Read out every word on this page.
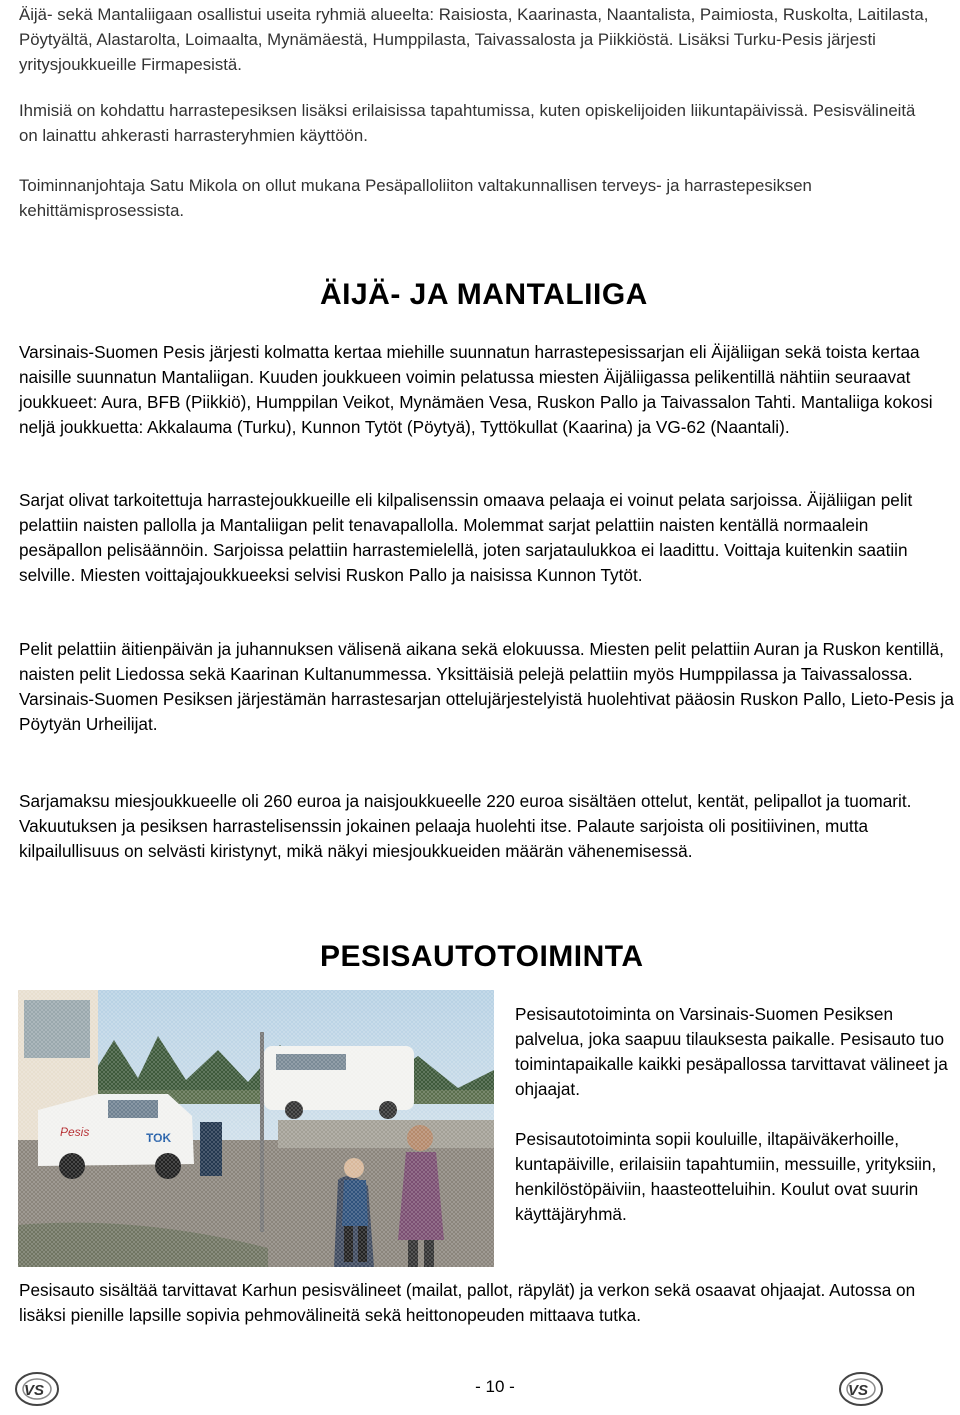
Äijä- sekä Mantaliigaan osallistui useita ryhmiä alueelta: Raisiosta, Kaarinasta, Naantalista, Paimiosta, Ruskolta, Laitilasta, Pöytyältä, Alastarolta, Loimaalta, Mynämäestä, Humppilasta, Taivassalosta ja Piikkiöstä. Lisäksi Turku-Pesis järjesti yritysjoukkueille Firmapesistä.

Ihmisiä on kohdattu harrastepesiksen lisäksi erilaisissa tapahtumissa, kuten opiskelijoiden liikuntapäivissä. Pesisvälineitä on lainattu ahkerasti harrasteryhmien käyttöön.

Toiminnanjohtaja Satu Mikola on ollut mukana Pesäpalloliiton valtakunnallisen terveys- ja harrastepesiksen kehittämisprosessista.

ÄIJÄ- JA MANTALIIGA

Varsinais-Suomen Pesis järjesti kolmatta kertaa miehille suunnatun harrastepesissarjan eli Äijäliigan sekä toista kertaa naisille suunnatun Mantaliigan. Kuuden joukkueen voimin pelatussa miesten Äijäliigassa pelikentillä nähtiin seuraavat joukkueet: Aura, BFB (Piikkiö), Humppilan Veikot, Mynämäen Vesa, Ruskon Pallo ja Taivassalon Tahti. Mantaliiga kokosi neljä joukkuetta: Akkalauma (Turku), Kunnon Tytöt (Pöytyä), Tyttökullat (Kaarina) ja VG-62 (Naantali).

Sarjat olivat tarkoitettuja harrastejoukkueille eli kilpalisenssin omaava pelaaja ei voinut pelata sarjoissa. Äijäliigan pelit pelattiin naisten pallolla ja Mantaliigan pelit tenavapallolla. Molemmat sarjat pelattiin naisten kentällä normaalein pesäpallon pelisäännöin. Sarjoissa pelattiin harrastemielellä, joten sarjataulukkoa ei laadittu. Voittaja kuitenkin saatiin selville. Miesten voittajajoukkueeksi selvisi Ruskon Pallo ja naisissa Kunnon Tytöt.

Pelit pelattiin äitienpäivän ja juhannuksen välisenä aikana sekä elokuussa. Miesten pelit pelattiin Auran ja Ruskon kentillä, naisten pelit Liedossa sekä Kaarinan Kultanummessa. Yksittäisiä pelejä pelattiin myös Humppilassa ja Taivassalossa. Varsinais-Suomen Pesiksen järjestämän harrastesarjan ottelujärjestelyistä huolehtivat pääosin Ruskon Pallo, Lieto-Pesis ja Pöytyän Urheilijat.

Sarjamaksu miesjoukkueelle oli 260 euroa ja naisjoukkueelle 220 euroa sisältäen ottelut, kentät, pelipallot ja tuomarit. Vakuutuksen ja pesiksen harrastelisenssin jokainen pelaaja huolehti itse. Palaute sarjoista oli positiivinen, mutta kilpailullisuus on selvästi kiristynyt, mikä näkyi miesjoukkueiden määrän vähenemisessä.

PESISAUTOTOIMINTA

Pesisautotoiminta on Varsinais-Suomen Pesiksen palvelua, joka saapuu tilauksesta paikalle. Pesisauto tuo toimintapaikalle kaikki pesäpallossa tarvittavat välineet ja ohjaajat.

Pesisautotoiminta sopii kouluille, iltapäiväkerhoille, kuntapäiville, erilaisiin tapahtumiin, messuille, yrityksiin, henkilöstöpäiviin, haasteotteluihin. Koulut ovat suurin käyttäjäryhmä.

Pesisauto sisältää tarvittavat Karhun pesisvälineet (mailat, pallot, räpylät) ja verkon sekä osaavat ohjaajat. Autossa on lisäksi pienille lapsille sopivia pehmovälineitä sekä heittonopeuden mittaava tutka.

VS	- 10 -	VS
